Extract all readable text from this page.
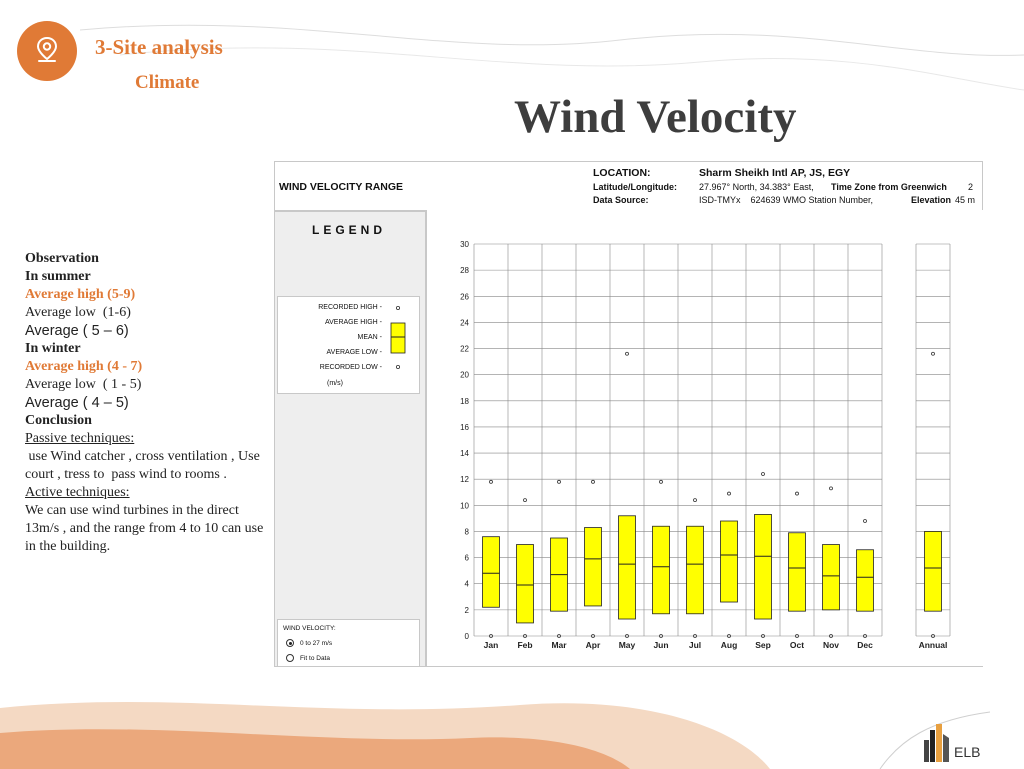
3-Site analysis
Climate
Wind Velocity
Observation
In summer
Average high (5-9)
Average low  (1-6)
Average ( 5 – 6)
In winter
Average high (4 - 7)
Average low  ( 1 - 5)
Average ( 4 – 5)
Conclusion
Passive techniques:
use Wind catcher , cross ventilation , Use court , tress to  pass wind to rooms .
Active techniques:
We can use wind turbines in the direct 13m/s , and the range from 4 to 10 can use in the building.
WIND VELOCITY RANGE
LOCATION:	Sharm Sheikh Intl AP, JS, EGY
Latitude/Longitude: 27.967° North, 34.383° East, Time Zone from Greenwich 2
Data Source:	ISD-TMYx    624639 WMO Station Number,	Elevation 45 m
LEGEND
RECORDED HIGH -
AVERAGE HIGH -
MEAN -
AVERAGE LOW -
RECORDED LOW -
(m/s)
WIND VELOCITY:
0 to 27 m/s
Fit to Data
0
2
4
6
8
10
12
14
16
18
20
22
24
26
28
30
Jan Feb Mar Apr May Jun Jul Aug Sep Oct Nov Dec	Annual
ELB
